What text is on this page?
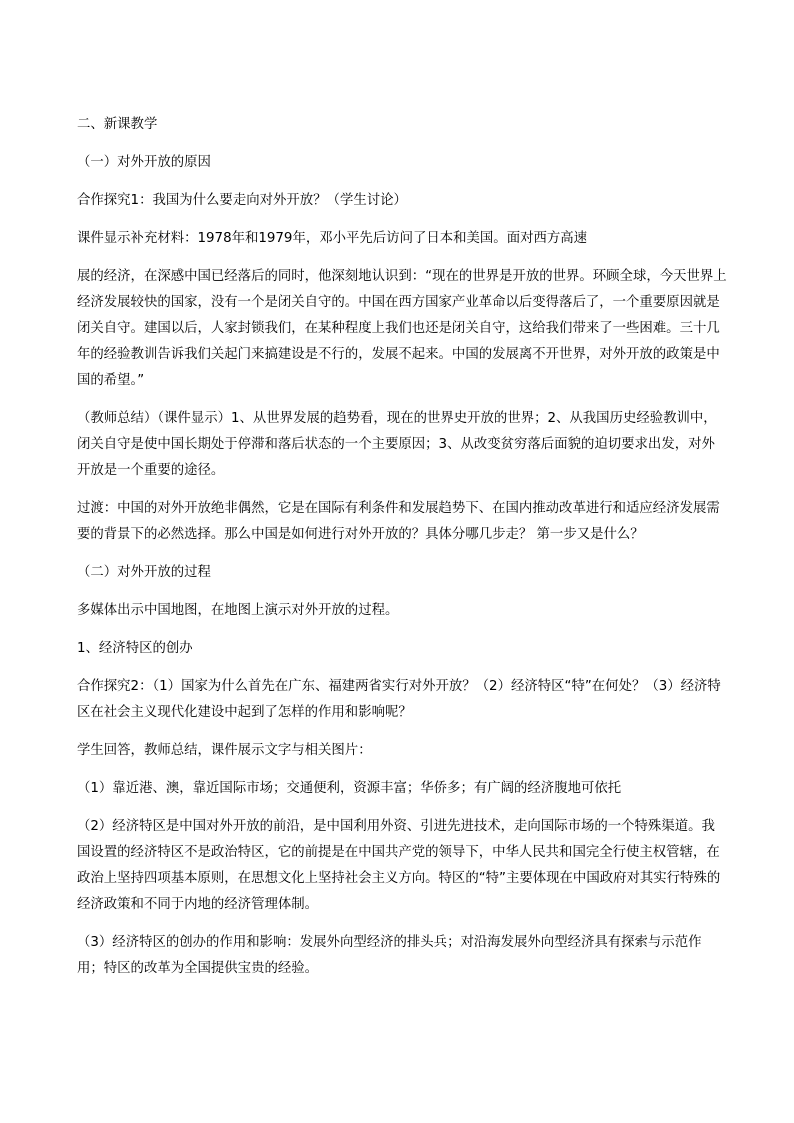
二、新课教学

（一）对外开放的原因

合作探究1：我国为什么要走向对外开放？（学生讨论）

课件显示补充材料：1978年和1979年，邓小平先后访问了日本和美国。面对西方高速

展的经济，在深感中国已经落后的同时，他深刻地认识到：“现在的世界是开放的世界。环顾全球，今天世界上经济发展较快的国家，没有一个是闭关自守的。中国在西方国家产业革命以后变得落后了，一个重要原因就是闭关自守。建国以后，人家封锁我们，在某种程度上我们也还是闭关自守，这给我们带来了一些困难。三十几年的经验教训告诉我们关起门来搞建设是不行的，发展不起来。中国的发展离不开世界，对外开放的政策是中国的希望。”

（教师总结）（课件显示）1、从世界发展的趋势看，现在的世界史开放的世界；2、从我国历史经验教训中，闭关自守是使中国长期处于停滞和落后状态的一个主要原因；3、从改变贫穷落后面貌的迫切要求出发，对外开放是一个重要的途径。

过渡：中国的对外开放绝非偶然，它是在国际有利条件和发展趋势下、在国内推动改革进行和适应经济发展需要的背景下的必然选择。那么中国是如何进行对外开放的？具体分哪几步走？ 第一步又是什么？

（二）对外开放的过程

多媒体出示中国地图，在地图上演示对外开放的过程。

1、经济特区的创办

合作探究2：（1）国家为什么首先在广东、福建两省实行对外开放？（2）经济特区“特”在何处？（3）经济特区在社会主义现代化建设中起到了怎样的作用和影响呢？

学生回答，教师总结，课件展示文字与相关图片：

（1）靠近港、澳，靠近国际市场；交通便利，资源丰富；华侨多；有广阔的经济腹地可依托

（2）经济特区是中国对外开放的前沿，是中国利用外资、引进先进技术，走向国际市场的一个特殊渠道。我国设置的经济特区不是政治特区，它的前提是在中国共产党的领导下，中华人民共和国完全行使主权管辖，在政治上坚持四项基本原则，在思想文化上坚持社会主义方向。特区的“特”主要体现在中国政府对其实行特殊的经济政策和不同于内地的经济管理体制。

（3）经济特区的创办的作用和影响：发展外向型经济的排头兵；对沿海发展外向型经济具有探索与示范作用；特区的改革为全国提供宝贵的经验。
